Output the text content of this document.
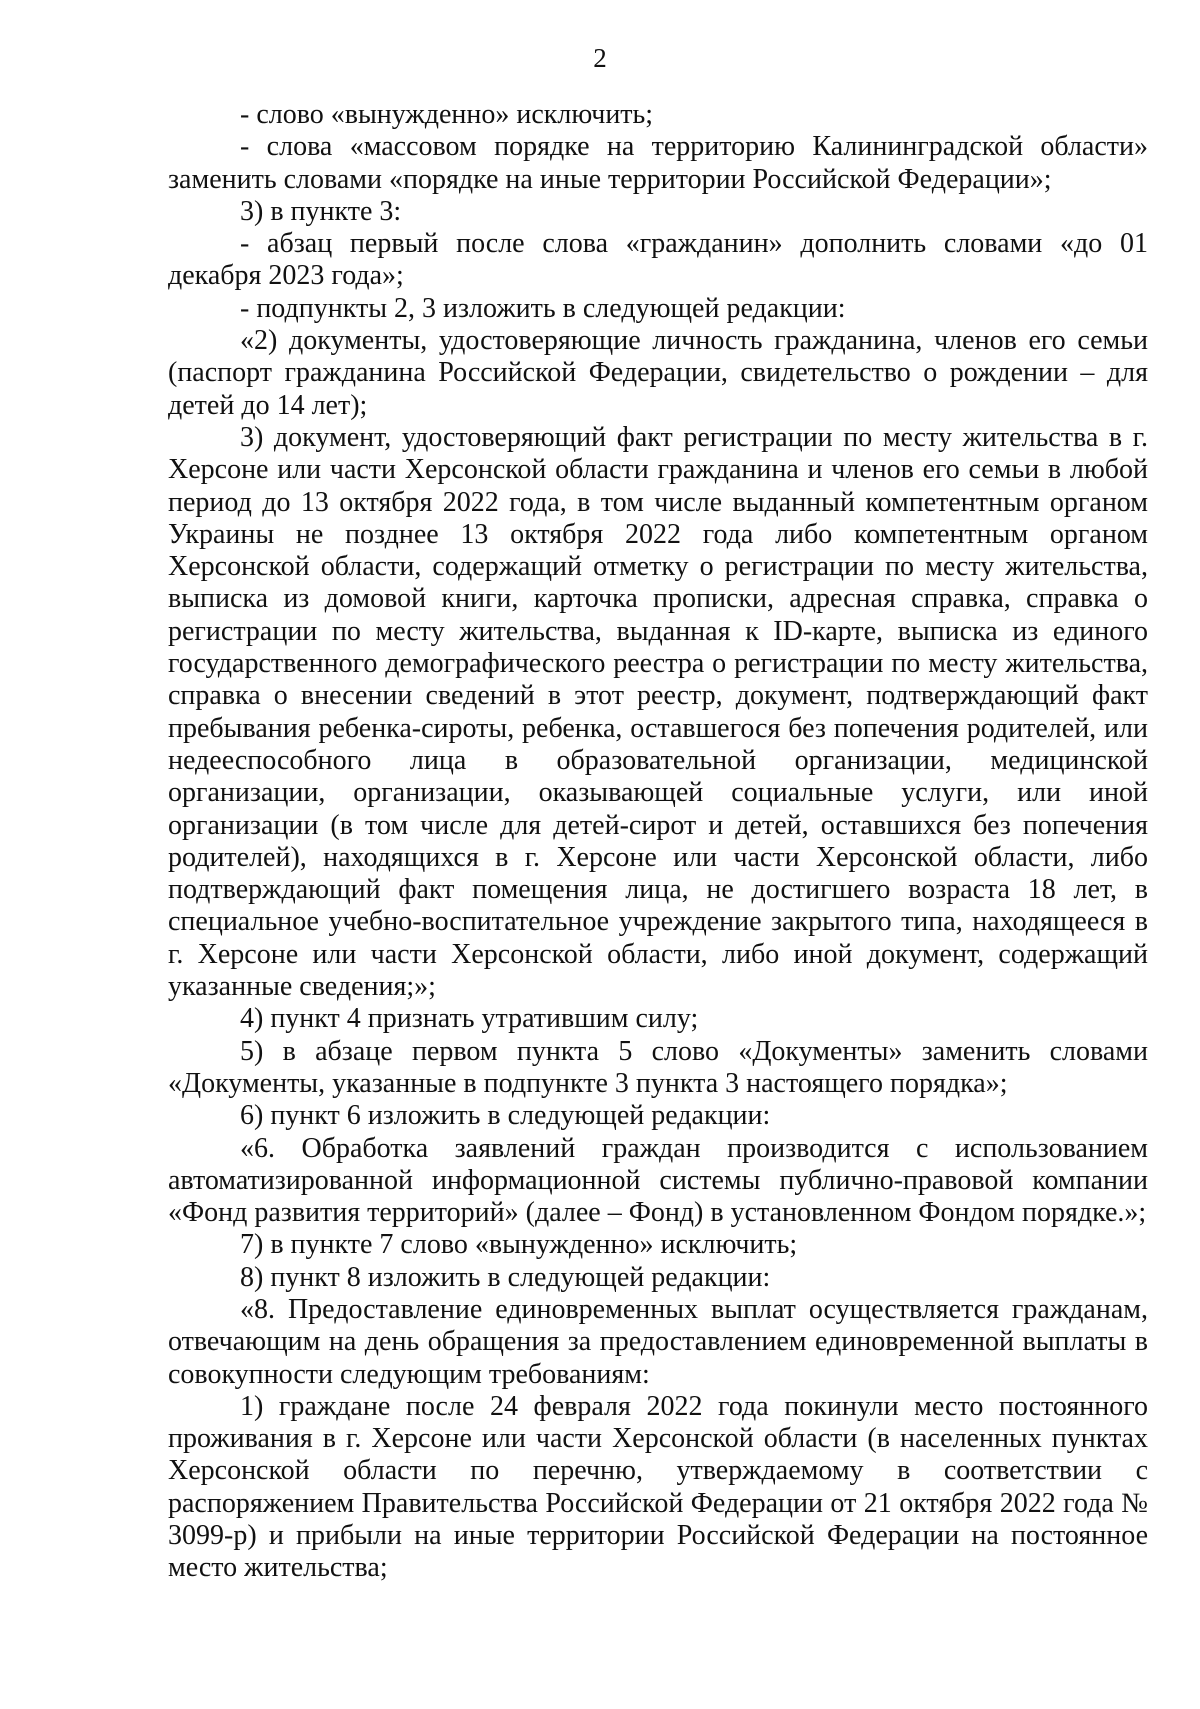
2

- слово «вынужденно» исключить;

- слова «массовом порядке на территорию Калининградской области» заменить словами «порядке на иные территории Российской Федерации»;

3) в пункте 3:

- абзац первый после слова «гражданин» дополнить словами «до 01 декабря 2023 года»;

- подпункты 2, 3 изложить в следующей редакции:

«2) документы, удостоверяющие личность гражданина, членов его семьи (паспорт гражданина Российской Федерации, свидетельство о рождении – для детей до 14 лет);

3) документ, удостоверяющий факт регистрации по месту жительства в г. Херсоне или части Херсонской области гражданина и членов его семьи в любой период до 13 октября 2022 года, в том числе выданный компетентным органом Украины не позднее 13 октября 2022 года либо компетентным органом Херсонской области, содержащий отметку о регистрации по месту жительства, выписка из домовой книги, карточка прописки, адресная справка, справка о регистрации по месту жительства, выданная к ID-карте, выписка из единого государственного демографического реестра о регистрации по месту жительства, справка о внесении сведений в этот реестр, документ, подтверждающий факт пребывания ребенка-сироты, ребенка, оставшегося без попечения родителей, или недееспособного лица в образовательной организации, медицинской организации, организации, оказывающей социальные услуги, или иной организации (в том числе для детей-сирот и детей, оставшихся без попечения родителей), находящихся в г. Херсоне или части Херсонской области, либо подтверждающий факт помещения лица, не достигшего возраста 18 лет, в специальное учебно-воспитательное учреждение закрытого типа, находящееся в г. Херсоне или части Херсонской области, либо иной документ, содержащий указанные сведения;»;

4) пункт 4 признать утратившим силу;

5) в абзаце первом пункта 5 слово «Документы» заменить словами «Документы, указанные в подпункте 3 пункта 3 настоящего порядка»;

6) пункт 6 изложить в следующей редакции:

«6. Обработка заявлений граждан производится с использованием автоматизированной информационной системы публично-правовой компании «Фонд развития территорий» (далее – Фонд) в установленном Фондом порядке.»;

7) в пункте 7 слово «вынужденно» исключить;

8) пункт 8 изложить в следующей редакции:

«8. Предоставление единовременных выплат осуществляется гражданам, отвечающим на день обращения за предоставлением единовременной выплаты в совокупности следующим требованиям:

1) граждане после 24 февраля 2022 года покинули место постоянного проживания в г. Херсоне или части Херсонской области (в населенных пунктах Херсонской области по перечню, утверждаемому в соответствии с распоряжением Правительства Российской Федерации от 21 октября 2022 года № 3099-р) и прибыли на иные территории Российской Федерации на постоянное место жительства;
